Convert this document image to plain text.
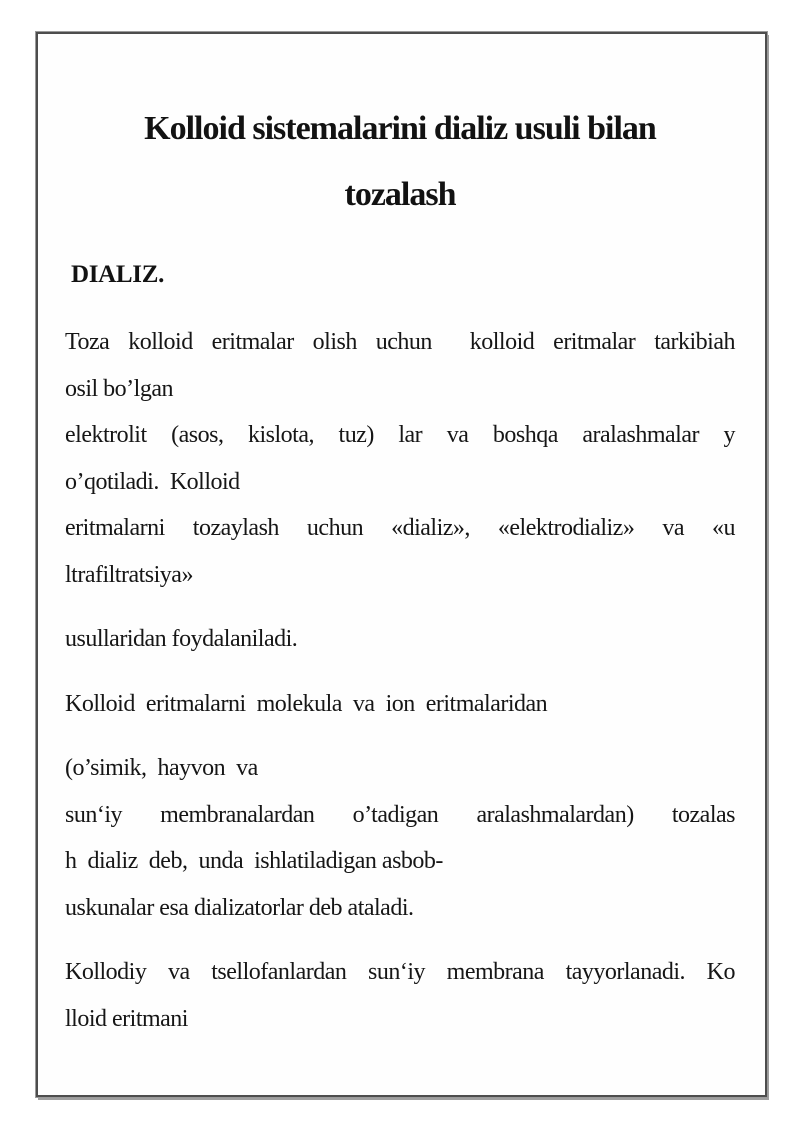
Kolloid sistemalarini dializ usuli bilan
tozalash
DIALIZ.
Toza kolloid eritmalar olish uchun  kolloid eritmalar tarkibiah
osil bo’lgan
elektrolit (asos, kislota, tuz) lar va boshqa aralashmalar y
o’qotiladi.  Kolloid
eritmalarni tozaylash uchun «dializ», «elektrodializ» va «u
ltrafiltratsiya»
usullaridan foydalaniladi.
Kolloid  eritmalarni  molekula  va  ion  eritmalaridan
(o’simik,  hayvon  va
sun‘iy membranalardan o’tadigan aralashmalardan) tozalas
h  dializ  deb,  unda  ishlatiladigan asbob-
uskunalar esa dializatorlar deb ataladi.
Kollodiy va tsellofanlardan sun‘iy membrana tayyorlanadi. Ko
lloid eritmani
